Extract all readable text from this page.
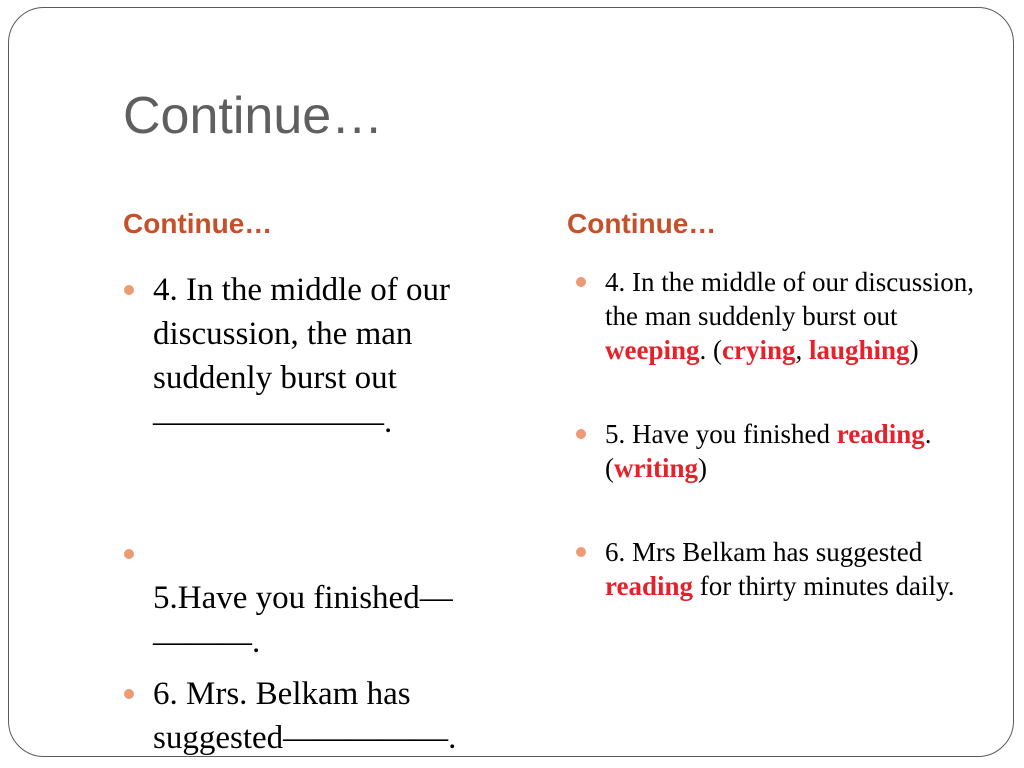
Continue…
Continue…	Continue…
4. In the middle of our discussion, the man suddenly burst out———————.

5.Have you finished—
———.

6. Mrs. Belkam has suggested—————.
4. In the middle of our discussion, the man suddenly burst out weeping. (crying, laughing)
5. Have you finished reading. (writing)
6. Mrs Belkam has suggested reading for thirty minutes daily.
